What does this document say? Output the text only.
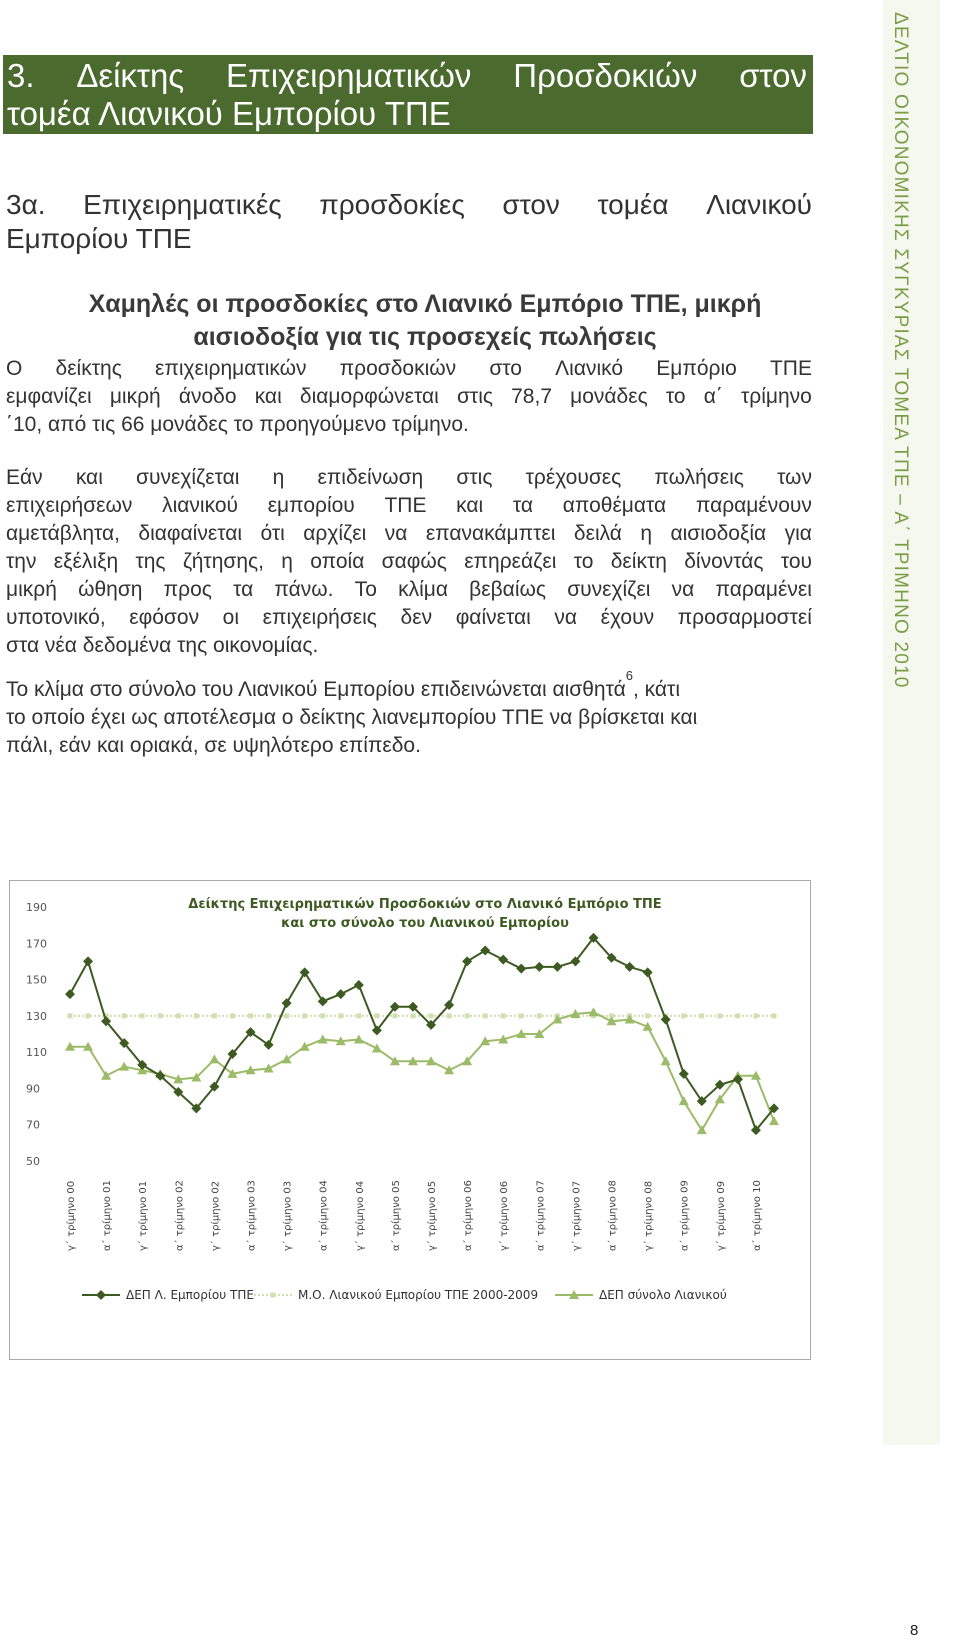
3. Δείκτης Επιχειρηματικών Προσδοκιών στον
τομέα Λιανικού Εμπορίου ΤΠΕ
3α. Επιχειρηματικές προσδοκίες στον τομέα Λιανικού
Εμπορίου ΤΠΕ
Χαμηλές οι προσδοκίες στο Λιανικό Εμπόριο ΤΠΕ, μικρή
αισιοδοξία για τις προσεχείς πωλήσεις
Ο δείκτης επιχειρηματικών προσδοκιών στο Λιανικό Εμπόριο ΤΠΕ
εμφανίζει μικρή άνοδο και διαμορφώνεται στις 78,7 μονάδες το α΄ τρίμηνο
΄10, από τις 66 μονάδες το προηγούμενο τρίμηνο.
Εάν και συνεχίζεται η επιδείνωση στις τρέχουσες πωλήσεις των
επιχειρήσεων λιανικού εμπορίου ΤΠΕ και τα αποθέματα παραμένουν
αμετάβλητα, διαφαίνεται ότι αρχίζει να επανακάμπτει δειλά η αισιοδοξία για
την εξέλιξη της ζήτησης, η οποία σαφώς επηρεάζει το δείκτη δίνοντάς του
μικρή ώθηση προς τα πάνω. Το κλίμα βεβαίως συνεχίζει να παραμένει
υποτονικό, εφόσον οι επιχειρήσεις δεν φαίνεται να έχουν προσαρμοστεί
στα νέα δεδομένα της οικονομίας.
Το κλίμα στο σύνολο του Λιανικού Εμπορίου επιδεινώνεται αισθητά
6
, κάτι
το οποίο έχει ως αποτέλεσμα ο δείκτης λιανεμπορίου ΤΠΕ να βρίσκεται και
πάλι, εάν και οριακά, σε υψηλότερο επίπεδο.
ΔΕΛΤΙΟ ΟΙΚΟΝΟΜΙΚΗΣ ΣΥΓΚΥΡΙΑΣ ΤΟΜΕΑ ΤΠΕ – Α΄ ΤΡΙΜΗΝΟ 2010
Δείκτης Επιχειρηματικών Προσδοκιών στο Λιανικό Εμπόριο ΤΠΕ
και στο σύνολο του Λιανικού Εμπορίου
190
170
150
130
110
90
70
50
γ΄ τρίμηνο 00	α΄ τρίμηνο 01	γ΄ τρίμηνο 01	α΄ τρίμηνο 02	γ΄ τρίμηνο 02	α΄ τρίμηνο 03	γ΄ τρίμηνο 03	α΄ τρίμηνο 04	γ΄ τρίμηνο 04	α΄ τρίμηνο 05	γ΄ τρίμηνο 05	α΄ τρίμηνο 06	γ΄ τρίμηνο 06	α΄ τρίμηνο 07	γ΄ τρίμηνο 07	α΄ τρίμηνο 08	γ΄ τρίμηνο 08	α΄ τρίμηνο 09	γ΄ τρίμηνο 09	α΄ τρίμηνο 10
ΔΕΠ Λ. Εμπορίου ΤΠΕ	Μ.Ο. Λιανικού Εμπορίου ΤΠΕ 2000-2009	ΔΕΠ σύνολο Λιανικού
8
